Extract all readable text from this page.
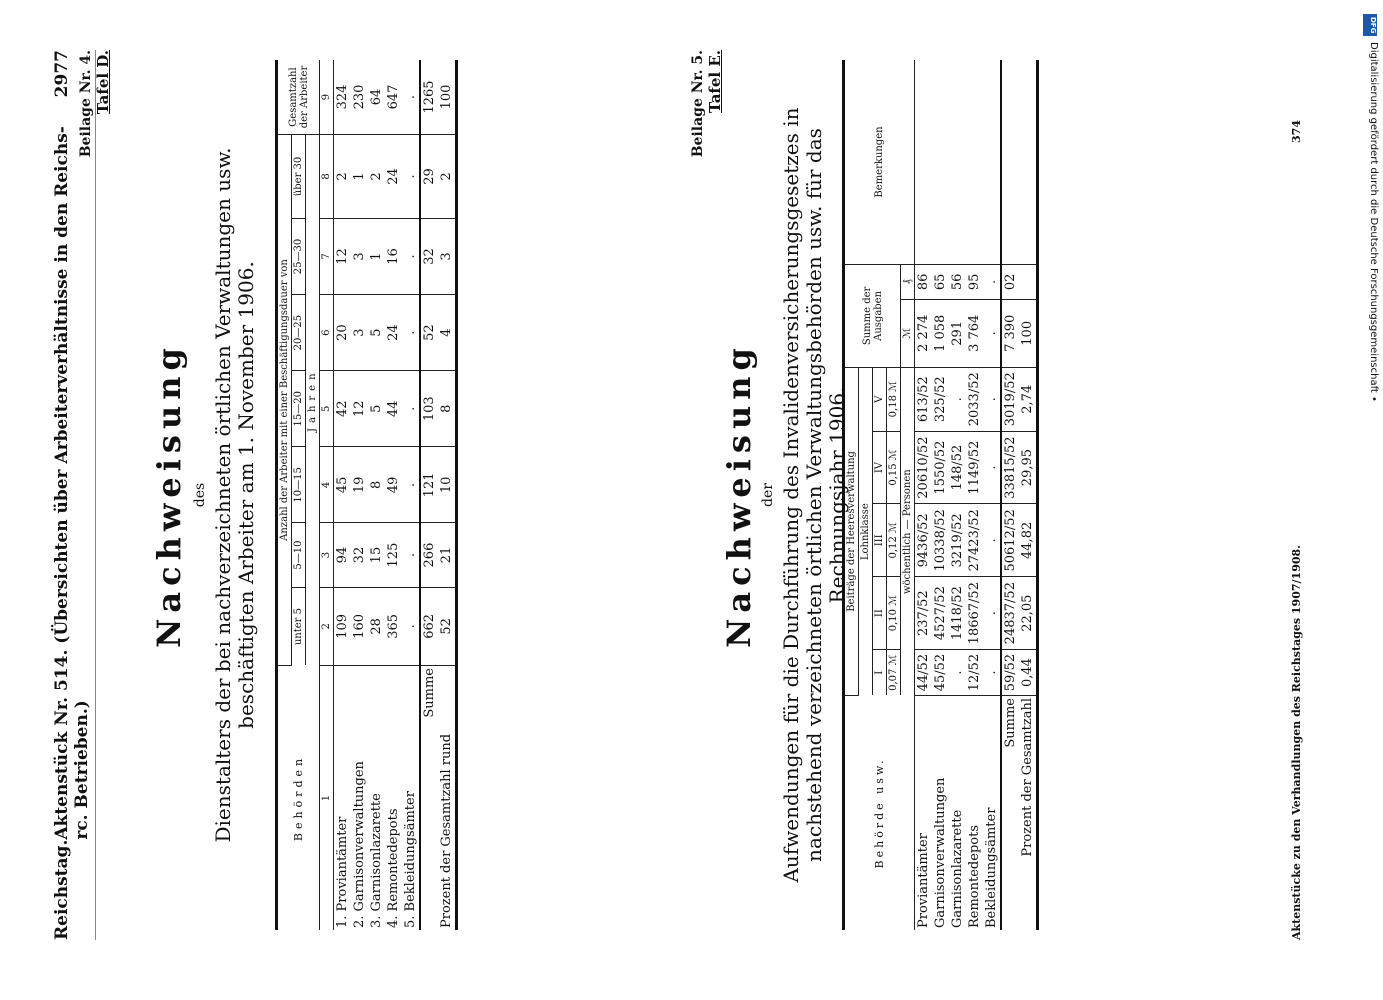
Reichstag.
Aktenstück Nr. 514. (Übersichten über Arbeiterverhältnisse in den Reichs- rc. Betrieben.)
2977 Beilage Nr. 4. Tafel D.
Nachweisung des Dienstalters der bei nachverzeichneten örtlichen Verwaltungen usw. beschäftigten Arbeiter am 1. November 1906.
Behörden	Anzahl der Arbeiter mit einer Beschäftigungsdauer von							Gesamtzahl der Arbeiter
	unter 5	5—10	10—15	15—20	20—25	25—30	über 30	
	Jahren							
1	2	3	4	5	6	7	8	9
1. Proviantämter	109	94	45	42	20	12	2	324
2. Garnisonverwaltungen	160	32	19	12	3	3	1	230
3. Garnisonlazarette	28	15	8	5	5	1	2	64
4. Remontedepots	365	125	49	44	24	16	24	647
5. Bekleidungsämter	.	.	.	.	.	.	.	.
Summe	662	266	121	103	52	32	29	1265
Prozent der Gesamtzahl rund	52	21	10	8	4	3	2	100	Beilage Nr. 5. Tafel E.
Nachweisung der Aufwendungen für die Durchführung des Invalidenversicherungsgesetzes in nachstehend verzeichneten örtlichen Verwaltungsbehörden usw. für das Rechnungsjahr 1906.
Behörde usw.	Beiträge der Heeresverwaltung					Summe der Ausgaben		Bemerkungen
	Lohnklasse							
	I	II	III	IV	V			
	0,07 ℳ	0,10 ℳ	0,12 ℳ	0,15 ℳ	0,18 ℳ			
	wöchentlich — Personen					ℳ	₰	
Proviantämter	44/52	237/52	9436/52	20610/52	613/52	2 274	86	
Garnisonverwaltungen	45/52	4527/52	10338/52	1550/52	325/52	1 058	65	
Garnisonlazarette	.	1418/52	3219/52	148/52	.	291	56	
Remontedepots	12/52	18667/52	27423/52	1149/52	2033/52	3 764	95	
Bekleidungsämter	.	.	.	.	.	.	.	
Summe	59/52	24837/52	50612/52	33815/52	3019/52	7 390	02	
Prozent der Gesamtzahl	0,44	22,05	44,82	29,95	2,74	100		
Aktenstücke zu den Verhandlungen des Reichstages 1907/1908.
374
DFG
Digitalisierung gefördert durch die Deutsche Forschungsgemeinschaft •
